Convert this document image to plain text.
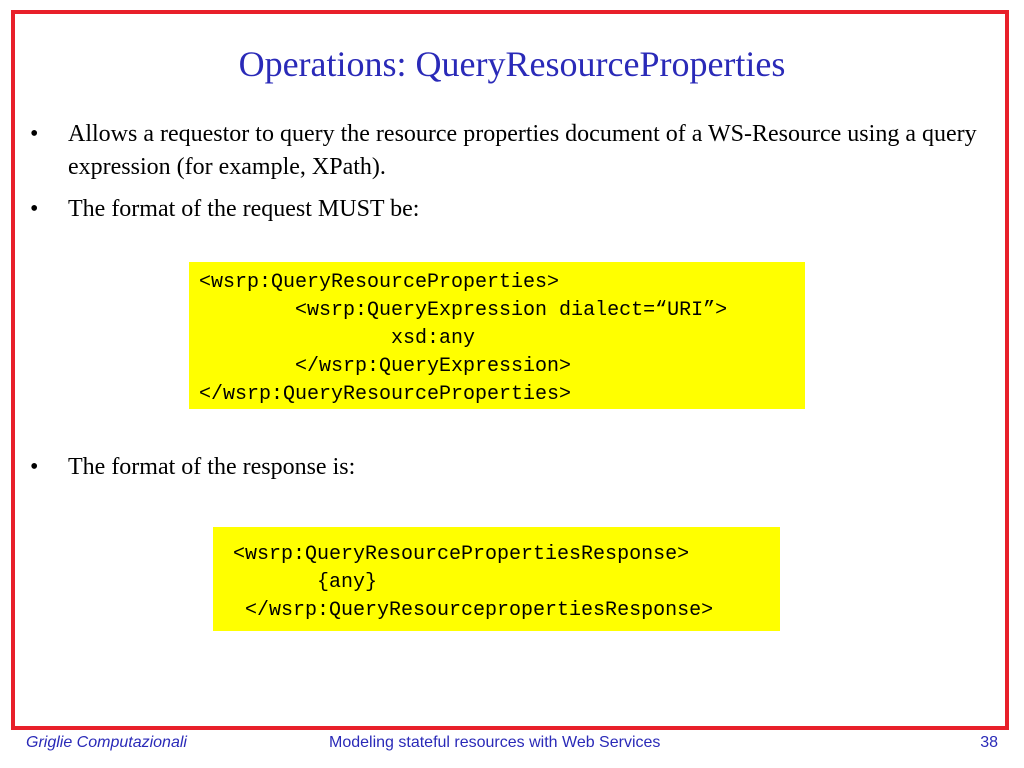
Operations: QueryResourceProperties
•	Allows a requestor to query the resource properties document of a WS-Resource using a query expression (for example, XPath).
•	The format of the request MUST be:
<wsrp:QueryResourceProperties>
<wsrp:QueryExpression dialect=“URI”>
xsd:any
</wsrp:QueryExpression>
</wsrp:QueryResourceProperties>
•	The format of the response is:
<wsrp:QueryResourcePropertiesResponse>
{any}
</wsrp:QueryResourcepropertiesResponse>
Griglie Computazionali	Modeling stateful resources with Web Services	38
